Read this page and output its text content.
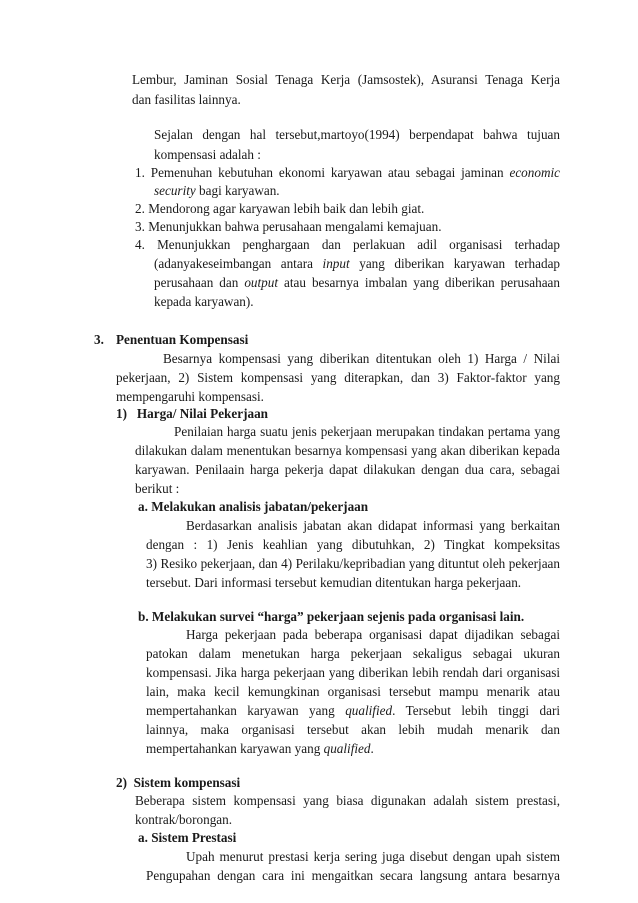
Lembur, Jaminan Sosial Tenaga Kerja (Jamsostek), Asuransi Tenaga Kerja
dan fasilitas lainnya.
Sejalan dengan hal tersebut,martoyo(1994) berpendapat bahwa tujuan
kompensasi adalah :
1. Pemenuhan kebutuhan ekonomi karyawan atau sebagai jaminan economic
security bagi karyawan.
2. Mendorong agar karyawan lebih baik dan lebih giat.
3. Menunjukkan bahwa perusahaan mengalami kemajuan.
4. Menunjukkan penghargaan dan perlakuan adil organisasi terhadap
(adanyakeseimbangan antara input yang diberikan karyawan terhadap
perusahaan dan output atau besarnya imbalan yang diberikan perusahaan
kepada karyawan).
3. Penentuan Kompensasi
Besarnya kompensasi yang diberikan ditentukan oleh 1) Harga / Nilai
pekerjaan, 2) Sistem kompensasi yang diterapkan, dan 3) Faktor-faktor yang
mempengaruhi kompensasi.
1)   Harga/ Nilai Pekerjaan
Penilaian harga suatu jenis pekerjaan merupakan tindakan pertama yang
dilakukan dalam menentukan besarnya kompensasi yang akan diberikan kepada
karyawan. Penilaain harga pekerja dapat dilakukan dengan dua cara, sebagai
berikut :
a. Melakukan analisis jabatan/pekerjaan
Berdasarkan analisis jabatan akan didapat informasi yang berkaitan
dengan : 1) Jenis keahlian yang dibutuhkan, 2) Tingkat kompeksitas
3) Resiko pekerjaan, dan 4) Perilaku/kepribadian yang dituntut oleh pekerjaan
tersebut. Dari informasi tersebut kemudian ditentukan harga pekerjaan.
b. Melakukan survei “harga” pekerjaan sejenis pada organisasi lain.
Harga pekerjaan pada beberapa organisasi dapat dijadikan sebagai
patokan dalam menetukan harga pekerjaan sekaligus sebagai ukuran
kompensasi. Jika harga pekerjaan yang diberikan lebih rendah dari organisasi
lain, maka kecil kemungkinan organisasi tersebut mampu menarik atau
mempertahankan karyawan yang qualified. Tersebut lebih tinggi dari
lainnya, maka organisasi tersebut akan lebih mudah menarik dan
mempertahankan karyawan yang qualified.
2)  Sistem kompensasi
Beberapa sistem kompensasi yang biasa digunakan adalah sistem prestasi,
kontrak/borongan.
a. Sistem Prestasi
Upah menurut prestasi kerja sering juga disebut dengan upah sistem
Pengupahan dengan cara ini mengaitkan secara langsung antara besarnya
